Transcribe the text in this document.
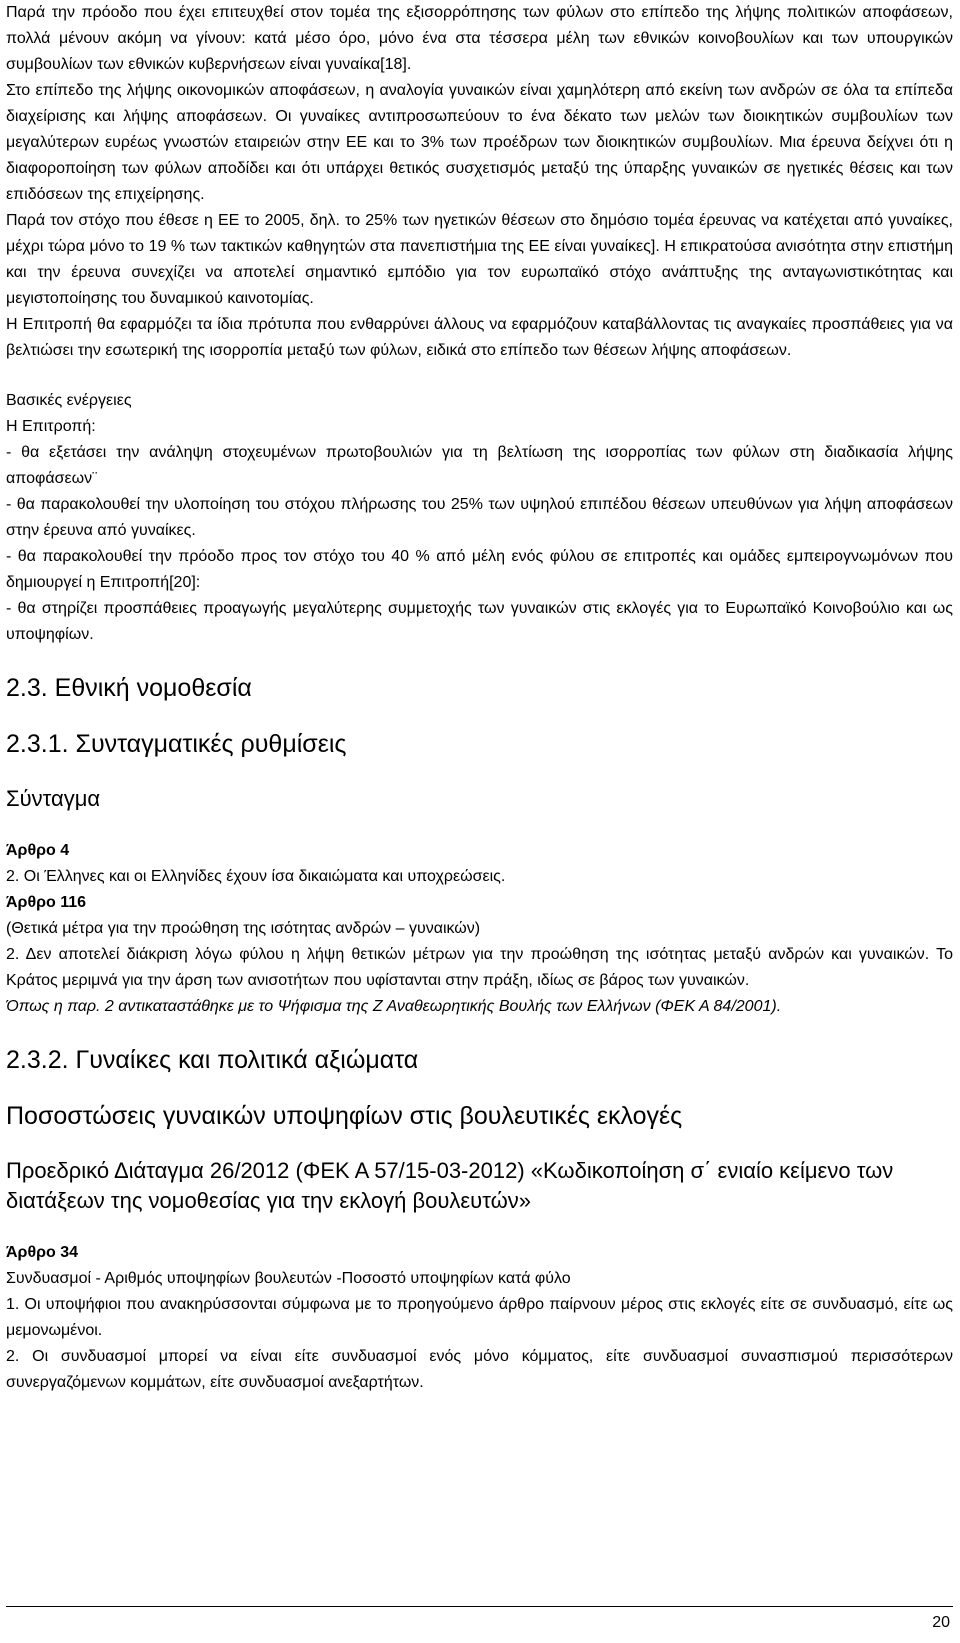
Παρά την πρόοδο που έχει επιτευχθεί στον τομέα της εξισορρόπησης των φύλων στο επίπεδο της λήψης πολιτικών αποφάσεων, πολλά μένουν ακόμη να γίνουν: κατά μέσο όρο, μόνο ένα στα τέσσερα μέλη των εθνικών κοινοβουλίων και των υπουργικών συμβουλίων των εθνικών κυβερνήσεων είναι γυναίκα[18].

Στο επίπεδο της λήψης οικονομικών αποφάσεων, η αναλογία γυναικών είναι χαμηλότερη από εκείνη των ανδρών σε όλα τα επίπεδα διαχείρισης και λήψης αποφάσεων. Οι γυναίκες αντιπροσωπεύουν το ένα δέκατο των μελών των διοικητικών συμβουλίων των μεγαλύτερων ευρέως γνωστών εταιρειών στην ΕΕ και το 3% των προέδρων των διοικητικών συμβουλίων. Μια έρευνα δείχνει ότι η διαφοροποίηση των φύλων αποδίδει και ότι υπάρχει θετικός συσχετισμός μεταξύ της ύπαρξης γυναικών σε ηγετικές θέσεις και των επιδόσεων της επιχείρησης.

Παρά τον στόχο που έθεσε η ΕΕ το 2005, δηλ. το 25% των ηγετικών θέσεων στο δημόσιο τομέα έρευνας να κατέχεται από γυναίκες, μέχρι τώρα μόνο το 19 % των τακτικών καθηγητών στα πανεπιστήμια της ΕΕ είναι γυναίκες]. Η επικρατούσα ανισότητα στην επιστήμη και την έρευνα συνεχίζει να αποτελεί σημαντικό εμπόδιο για τον ευρωπαϊκό στόχο ανάπτυξης της ανταγωνιστικότητας και μεγιστοποίησης του δυναμικού καινοτομίας.

Η Επιτροπή θα εφαρμόζει τα ίδια πρότυπα που ενθαρρύνει άλλους να εφαρμόζουν καταβάλλοντας τις αναγκαίες προσπάθειες για να βελτιώσει την εσωτερική της ισορροπία μεταξύ των φύλων, ειδικά στο επίπεδο των θέσεων λήψης αποφάσεων.

Βασικές ενέργειες

Η Επιτροπή:

- θα εξετάσει την ανάληψη στοχευμένων πρωτοβουλιών για τη βελτίωση της ισορροπίας των φύλων στη διαδικασία λήψης αποφάσεων¨

- θα παρακολουθεί την υλοποίηση του στόχου πλήρωσης του 25% των υψηλού επιπέδου θέσεων υπευθύνων για λήψη αποφάσεων στην έρευνα από γυναίκες.

- θα παρακολουθεί την πρόοδο προς τον στόχο του 40 % από μέλη ενός φύλου σε επιτροπές και ομάδες εμπειρογνωμόνων που δημιουργεί η Επιτροπή[20]:

- θα στηρίζει προσπάθειες προαγωγής μεγαλύτερης συμμετοχής των γυναικών στις εκλογές για το Ευρωπαϊκό Κοινοβούλιο και ως υποψηφίων.

2.3. Εθνική νομοθεσία
2.3.1. Συνταγματικές ρυθμίσεις
Σύνταγμα

Άρθρο 4

2. Οι Έλληνες και οι Ελληνίδες έχουν ίσα δικαιώματα και υποχρεώσεις.

Άρθρο 116

(Θετικά μέτρα για την προώθηση της ισότητας ανδρών – γυναικών)

2. Δεν αποτελεί διάκριση λόγω φύλου η λήψη θετικών μέτρων για την προώθηση της ισότητας μεταξύ ανδρών και γυναικών. Το Κράτος μεριμνά για την άρση των ανισοτήτων που υφίστανται στην πράξη, ιδίως σε βάρος των γυναικών.

Όπως η παρ. 2 αντικαταστάθηκε με το Ψήφισμα της Ζ Αναθεωρητικής Βουλής των Ελλήνων (ΦΕΚ Α 84/2001).

2.3.2. Γυναίκες και πολιτικά αξιώματα
Ποσοστώσεις γυναικών υποψηφίων στις βουλευτικές εκλογές
Προεδρικό Διάταγμα 26/2012 (ΦΕΚ Α 57/15-03-2012) «Κωδικοποίηση σ΄ ενιαίο κείμενο των διατάξεων της νομοθεσίας για την εκλογή βουλευτών»

Άρθρο 34

Συνδυασμοί - Αριθμός υποψηφίων βουλευτών -Ποσοστό υποψηφίων κατά φύλο

1. Οι υποψήφιοι που ανακηρύσσονται σύμφωνα με το προηγούμενο άρθρο παίρνουν μέρος στις εκλογές είτε σε συνδυασμό, είτε ως μεμονωμένοι.

2. Οι συνδυασμοί μπορεί να είναι είτε συνδυασμοί ενός μόνο κόμματος, είτε συνδυασμοί συνασπισμού περισσότερων συνεργαζόμενων κομμάτων, είτε συνδυασμοί ανεξαρτήτων.

20
